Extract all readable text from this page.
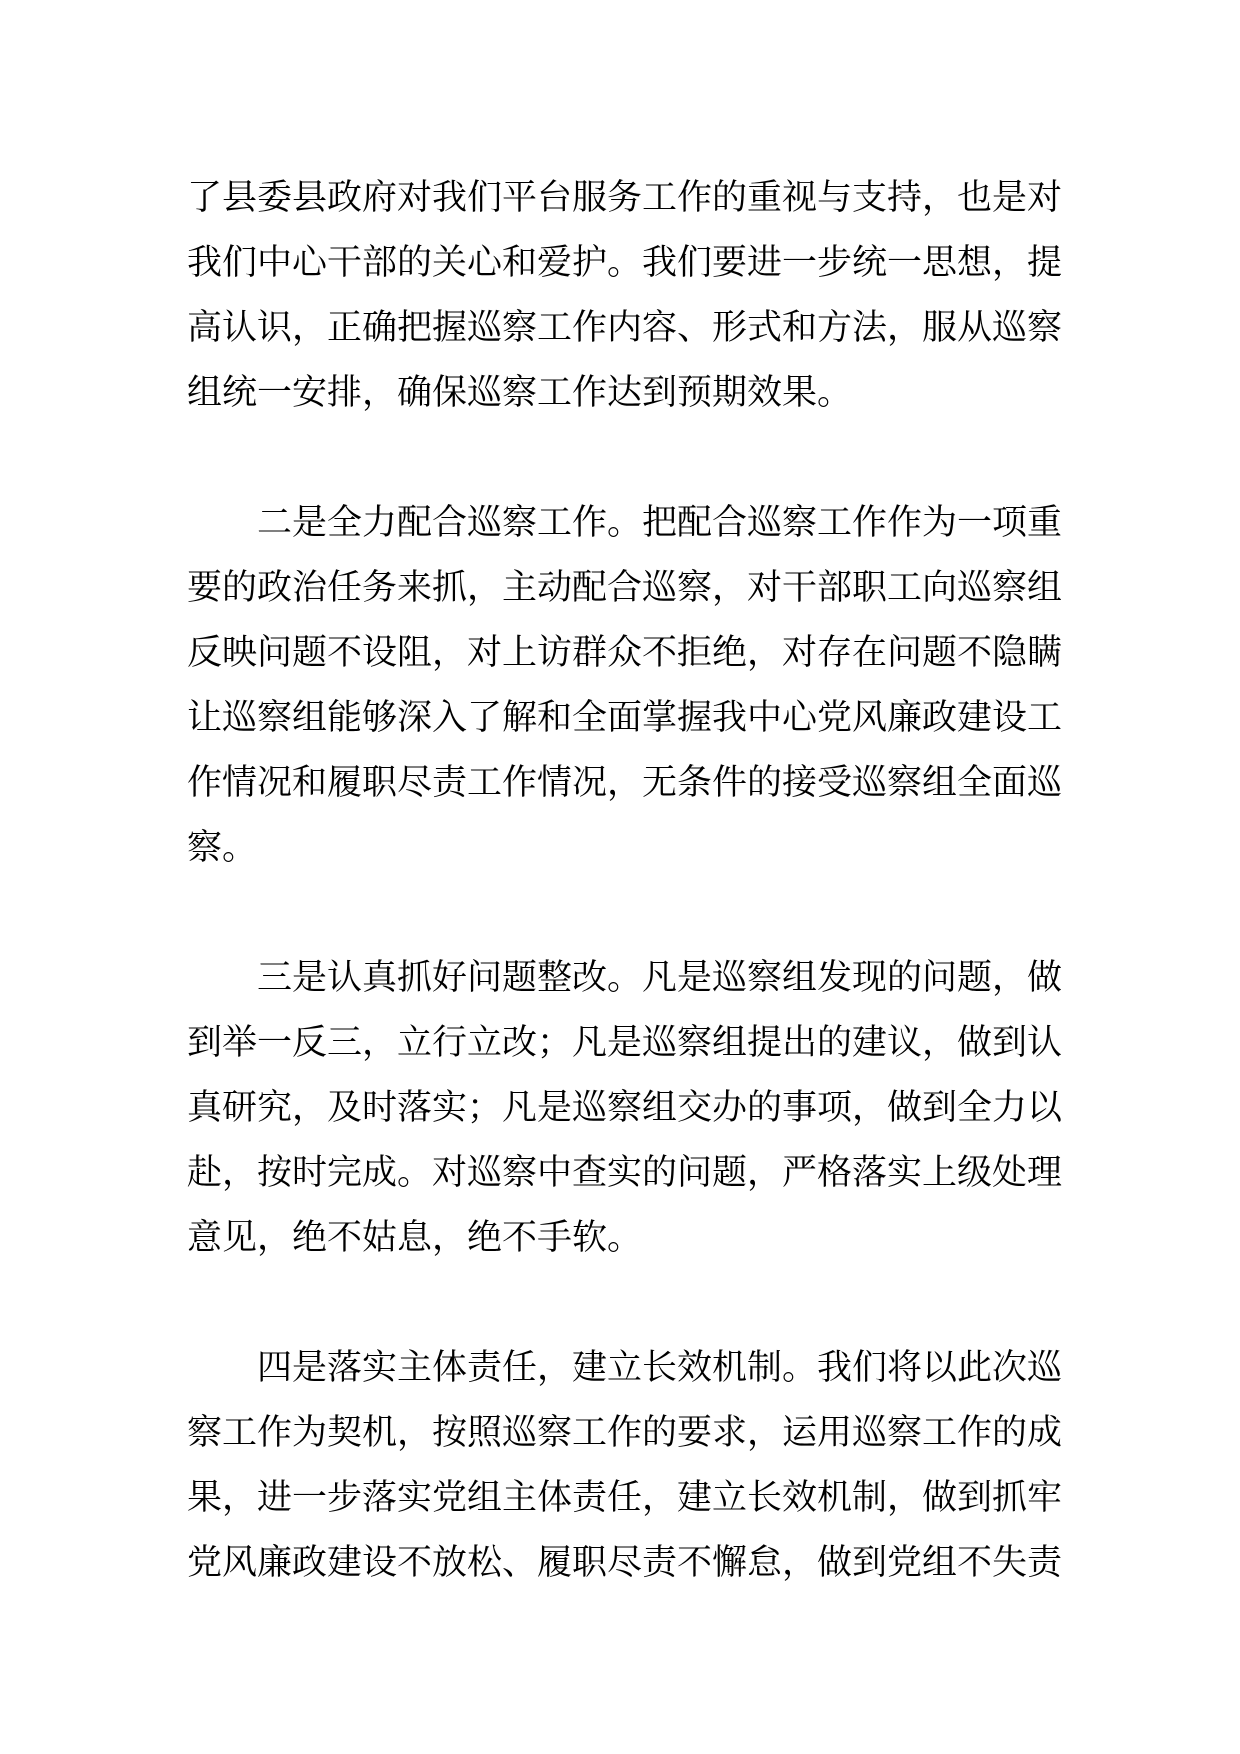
了县委县政府对我们平台服务工作的重视与支持，也是对我们中心干部的关心和爱护。我们要进一步统一思想，提高认识，正确把握巡察工作内容、形式和方法，服从巡察组统一安排，确保巡察工作达到预期效果。

二是全力配合巡察工作。把配合巡察工作作为一项重要的政治任务来抓，主动配合巡察，对干部职工向巡察组反映问题不设阻，对上访群众不拒绝，对存在问题不隐瞒让巡察组能够深入了解和全面掌握我中心党风廉政建设工作情况和履职尽责工作情况，无条件的接受巡察组全面巡察。

三是认真抓好问题整改。凡是巡察组发现的问题，做到举一反三，立行立改；凡是巡察组提出的建议，做到认真研究，及时落实；凡是巡察组交办的事项，做到全力以赴，按时完成。对巡察中查实的问题，严格落实上级处理意见，绝不姑息，绝不手软。

四是落实主体责任，建立长效机制。我们将以此次巡察工作为契机，按照巡察工作的要求，运用巡察工作的成果，进一步落实党组主体责任，建立长效机制，做到抓牢党风廉政建设不放松、履职尽责不懈怠，做到党组不失责
